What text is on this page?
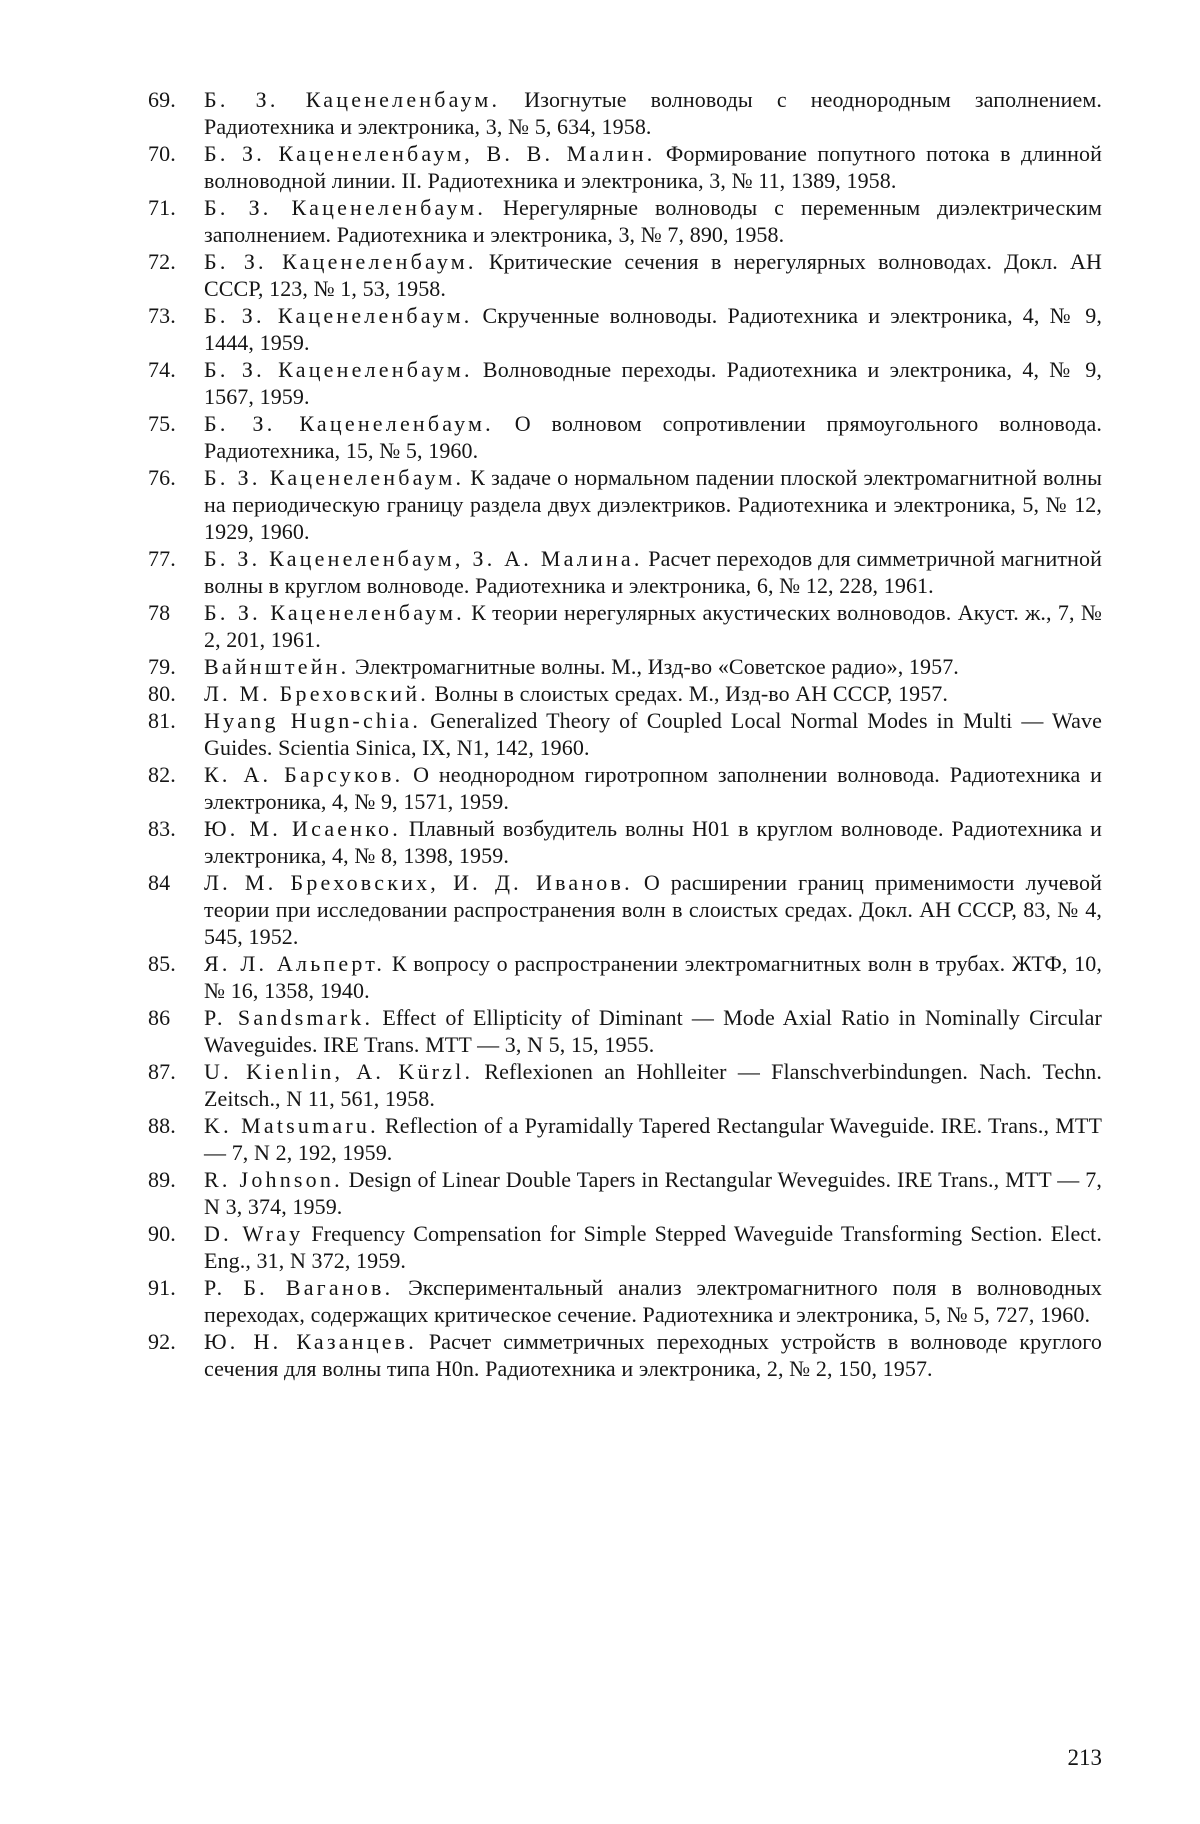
69.	Б. З. Каценеленбаум. Изогнутые волноводы с неоднородным заполнением. Радиотехника и электроника, 3, № 5, 634, 1958.
70.	Б. З. Каценеленбаум, В. В. Малин. Формирование попутного потока в длинной волноводной линии. II. Радиотехника и электроника, 3, № 11, 1389, 1958.
71.	Б. З. Каценеленбаум. Нерегулярные волноводы с переменным диэлектрическим заполнением. Радиотехника и электроника, 3, № 7, 890, 1958.
72.	Б. З. Каценеленбаум. Критические сечения в нерегулярных волноводах. Докл. АН СССР, 123, № 1, 53, 1958.
73.	Б. З. Каценеленбаум. Скрученные волноводы. Радиотехника и электроника, 4, № 9, 1444, 1959.
74.	Б. З. Каценеленбаум. Волноводные переходы. Радиотехника и электроника, 4, № 9, 1567, 1959.
75.	Б. З. Каценеленбаум. О волновом сопротивлении прямоугольного волновода. Радиотехника, 15, № 5, 1960.
76.	Б. З. Каценеленбаум. К задаче о нормальном падении плоской электромагнитной волны на периодическую границу раздела двух диэлектриков. Радиотехника и электроника, 5, № 12, 1929, 1960.
77.	Б. З. Каценеленбаум, З. А. Малина. Расчет переходов для симметричной магнитной волны в круглом волноводе. Радиотехника и электроника, 6, № 12, 228, 1961.
78	Б. З. Каценеленбаум. К теории нерегулярных акустических волноводов. Акуст. ж., 7, № 2, 201, 1961.
79.	Вайнштейн. Электромагнитные волны. М., Изд-во «Советское радио», 1957.
80.	Л. М. Бреховский. Волны в слоистых средах. М., Изд-во АН СССР, 1957.
81.	Hyang Hugn-chia. Generalized Theory of Coupled Local Normal Modes in Multi — Wave Guides. Scientia Sinica, IX, N1, 142, 1960.
82.	К. А. Барсуков. О неоднородном гиротропном заполнении волновода. Радиотехника и электроника, 4, № 9, 1571, 1959.
83.	Ю. М. Исаенко. Плавный возбудитель волны H01 в круглом волноводе. Радиотехника и электроника, 4, № 8, 1398, 1959.
84	Л. М. Бреховских, И. Д. Иванов. О расширении границ применимости лучевой теории при исследовании распространения волн в слоистых средах. Докл. АН СССР, 83, № 4, 545, 1952.
85.	Я. Л. Альперт. К вопросу о распространении электромагнитных волн в трубах. ЖТФ, 10, № 16, 1358, 1940.
86	P. Sandsmark. Effect of Ellipticity of Diminant — Mode Axial Ratio in Nominally Circular Waveguides. IRE Trans. MTT — 3, N 5, 15, 1955.
87.	U. Kienlin, A. Kürzl. Reflexionen an Hohlleiter — Flanschverbindungen. Nach. Techn. Zeitsch., N 11, 561, 1958.
88.	K. Matsumaru. Reflection of a Pyramidally Tapered Rectangular Waveguide. IRE. Trans., MTT — 7, N 2, 192, 1959.
89.	R. Johnson. Design of Linear Double Tapers in Rectangular Weveguides. IRE Trans., MTT — 7, N 3, 374, 1959.
90.	D. Wray Frequency Compensation for Simple Stepped Waveguide Transforming Section. Elect. Eng., 31, N 372, 1959.
91.	Р. Б. Ваганов. Экспериментальный анализ электромагнитного поля в волноводных переходах, содержащих критическое сечение. Радиотехника и электроника, 5, № 5, 727, 1960.
92.	Ю. Н. Казанцев. Расчет симметричных переходных устройств в волноводе круглого сечения для волны типа H0n. Радиотехника и электроника, 2, № 2, 150, 1957.
213
